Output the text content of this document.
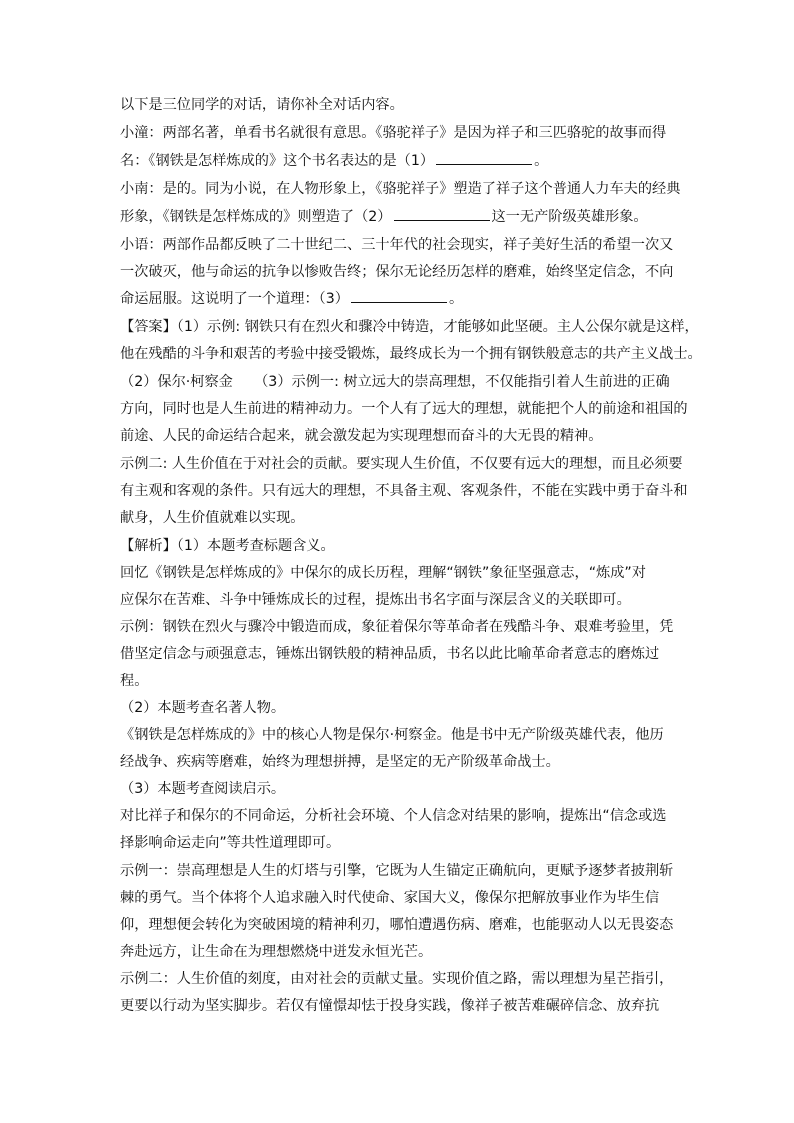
以下是三位同学的对话，请你补全对话内容。
小潼：两部名著，单看书名就很有意思。《骆驼祥子》是因为祥子和三匹骆驼的故事而得
名：《钢铁是怎样炼成的》这个书名表达的是（1）	。
小南：是的。同为小说，在人物形象上，《骆驼祥子》塑造了祥子这个普通人力车夫的经典
形象，《钢铁是怎样炼成的》则塑造了（2）	这一无产阶级英雄形象。
小语：两部作品都反映了二十世纪二、三十年代的社会现实，祥子美好生活的希望一次又
一次破灭，他与命运的抗争以惨败告终；保尔无论经历怎样的磨难，始终坚定信念，不向
命运屈服。这说明了一个道理：（3）	。
【答案】（1）示例: 钢铁只有在烈火和骤冷中铸造，才能够如此坚硬。主人公保尔就是这样，
他在残酷的斗争和艰苦的考验中接受锻炼，最终成长为一个拥有钢铁般意志的共产主义战士。
（2）保尔·柯察金　　（3）示例一: 树立远大的崇高理想，不仅能指引着人生前进的正确
方向，同时也是人生前进的精神动力。一个人有了远大的理想，就能把个人的前途和祖国的
前途、人民的命运结合起来，就会激发起为实现理想而奋斗的大无畏的精神。
示例二: 人生价值在于对社会的贡献。要实现人生价值，不仅要有远大的理想，而且必须要
有主观和客观的条件。只有远大的理想，不具备主观、客观条件，不能在实践中勇于奋斗和
献身，人生价值就难以实现。
【解析】（1）本题考查标题含义。
回忆《钢铁是怎样炼成的》中保尔的成长历程，理解“钢铁”象征坚强意志，“炼成”对
应保尔在苦难、斗争中锤炼成长的过程，提炼出书名字面与深层含义的关联即可。
示例：钢铁在烈火与骤冷中锻造而成，象征着保尔等革命者在残酷斗争、艰难考验里，凭
借坚定信念与顽强意志，锤炼出钢铁般的精神品质，书名以此比喻革命者意志的磨炼过
程。
（2）本题考查名著人物。
《钢铁是怎样炼成的》中的核心人物是保尔·柯察金。他是书中无产阶级英雄代表，他历
经战争、疾病等磨难，始终为理想拼搏，是坚定的无产阶级革命战士。
（3）本题考查阅读启示。
对比祥子和保尔的不同命运，分析社会环境、个人信念对结果的影响，提炼出“信念或选
择影响命运走向”等共性道理即可。
示例一：崇高理想是人生的灯塔与引擎，它既为人生锚定正确航向，更赋予逐梦者披荆斩
棘的勇气。当个体将个人追求融入时代使命、家国大义，像保尔把解放事业作为毕生信
仰，理想便会转化为突破困境的精神利刃，哪怕遭遇伤病、磨难，也能驱动人以无畏姿态
奔赴远方，让生命在为理想燃烧中迸发永恒光芒。
示例二：人生价值的刻度，由对社会的贡献丈量。实现价值之路，需以理想为星芒指引，
更要以行动为坚实脚步。若仅有憧憬却怯于投身实践，像祥子被苦难碾碎信念、放弃抗
